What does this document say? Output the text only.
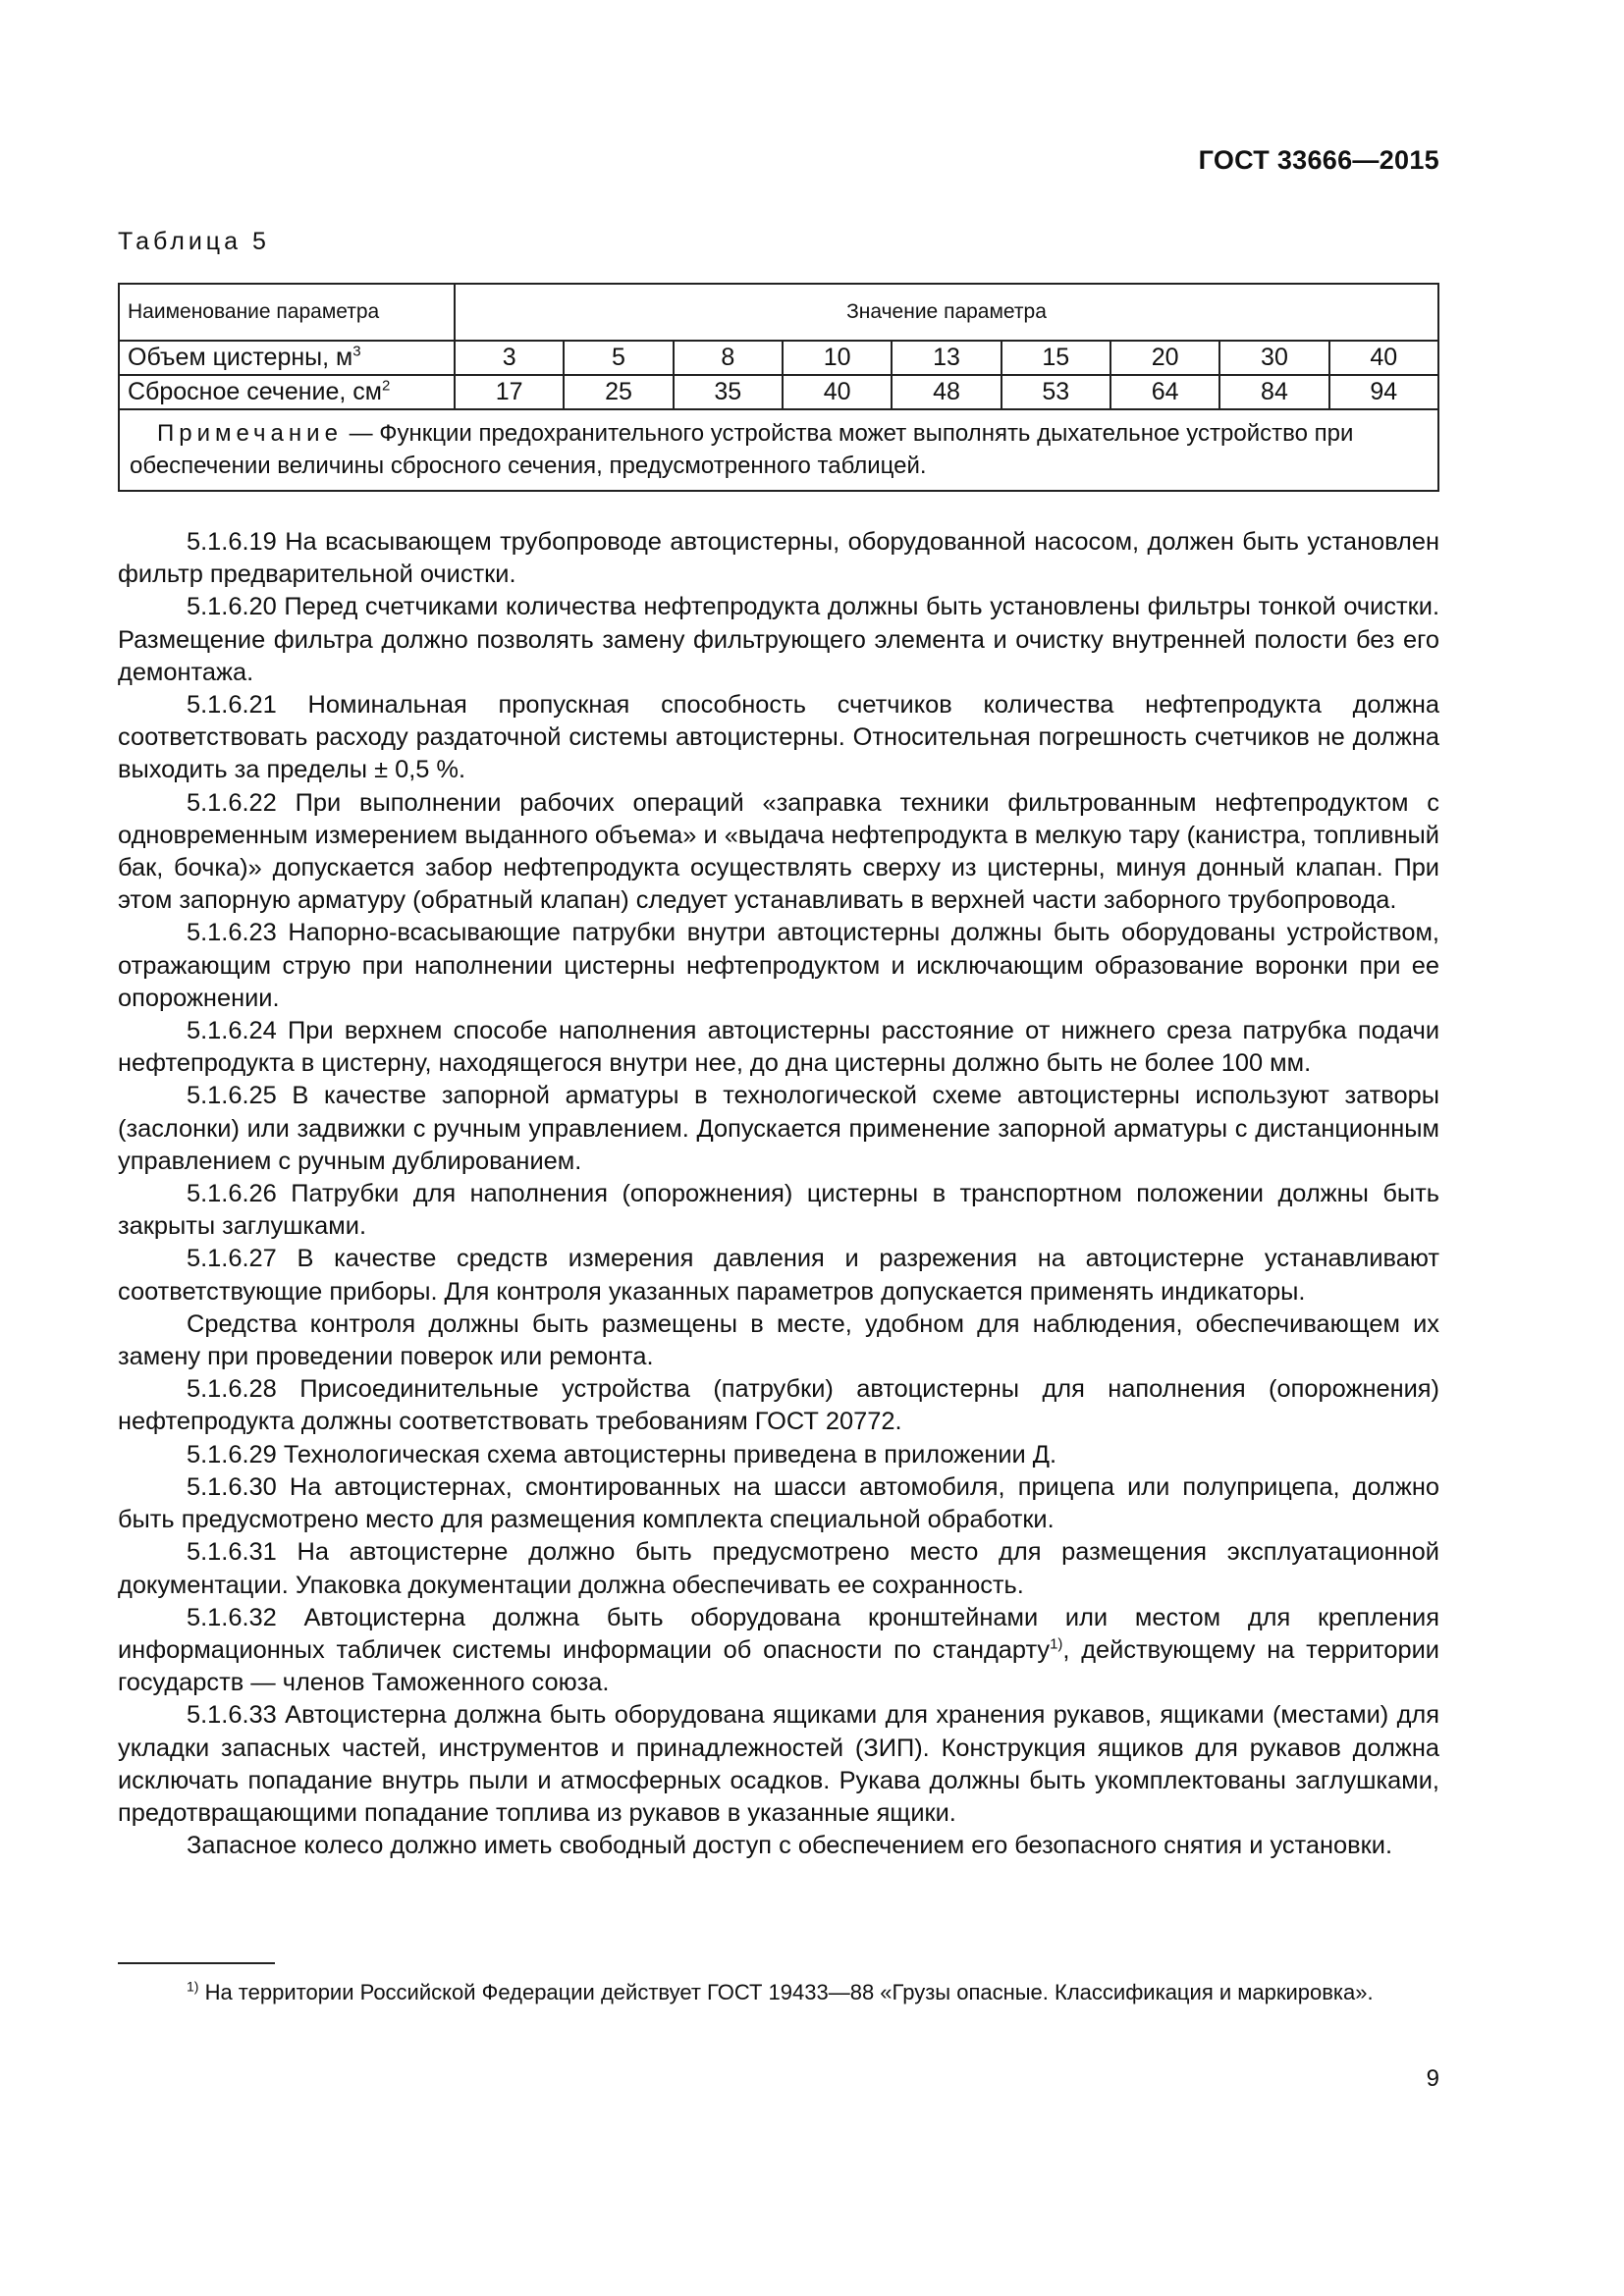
ГОСТ 33666—2015
Таблица 5
Наименование параметра	Значение параметра								
Объем цистерны, $м^3$	3	5	8	10	13	15	20	30	40
Сбросное сечение, $см^2$	17	25	35	40	48	53	64	84	94
Примечание — Функции предохранительного устройства может выполнять дыхательное устройство при обеспечении величины сбросного сечения, предусмотренного таблицей.									

5.1.6.19 На всасывающем трубопроводе автоцистерны, оборудованной насосом, должен быть установлен фильтр предварительной очистки.

5.1.6.20 Перед счетчиками количества нефтепродукта должны быть установлены фильтры тонкой очистки. Размещение фильтра должно позволять замену фильтрующего элемента и очистку внутренней полости без его демонтажа.

5.1.6.21 Номинальная пропускная способность счетчиков количества нефтепродукта должна соответствовать расходу раздаточной системы автоцистерны. Относительная погрешность счетчиков не должна выходить за пределы ± 0,5 %.

5.1.6.22 При выполнении рабочих операций «заправка техники фильтрованным нефтепродуктом с одновременным измерением выданного объема» и «выдача нефтепродукта в мелкую тару (канистра, топливный бак, бочка)» допускается забор нефтепродукта осуществлять сверху из цистерны, минуя донный клапан. При этом запорную арматуру (обратный клапан) следует устанавливать в верхней части заборного трубопровода.

5.1.6.23 Напорно-всасывающие патрубки внутри автоцистерны должны быть оборудованы устройством, отражающим струю при наполнении цистерны нефтепродуктом и исключающим образование воронки при ее опорожнении.

5.1.6.24 При верхнем способе наполнения автоцистерны расстояние от нижнего среза патрубка подачи нефтепродукта в цистерну, находящегося внутри нее, до дна цистерны должно быть не более 100 мм.

5.1.6.25 В качестве запорной арматуры в технологической схеме автоцистерны используют затворы (заслонки) или задвижки с ручным управлением. Допускается применение запорной арматуры с дистанционным управлением с ручным дублированием.

5.1.6.26 Патрубки для наполнения (опорожнения) цистерны в транспортном положении должны быть закрыты заглушками.

5.1.6.27 В качестве средств измерения давления и разрежения на автоцистерне устанавливают соответствующие приборы. Для контроля указанных параметров допускается применять индикаторы.

Средства контроля должны быть размещены в месте, удобном для наблюдения, обеспечивающем их замену при проведении поверок или ремонта.

5.1.6.28 Присоединительные устройства (патрубки) автоцистерны для наполнения (опорожнения) нефтепродукта должны соответствовать требованиям ГОСТ 20772.

5.1.6.29 Технологическая схема автоцистерны приведена в приложении Д.

5.1.6.30 На автоцистернах, смонтированных на шасси автомобиля, прицепа или полуприцепа, должно быть предусмотрено место для размещения комплекта специальной обработки.

5.1.6.31 На автоцистерне должно быть предусмотрено место для размещения эксплуатационной документации. Упаковка документации должна обеспечивать ее сохранность.

5.1.6.32 Автоцистерна должна быть оборудована кронштейнами или местом для крепления информационных табличек системы информации об опасности по стандарту$^{1)}$, действующему на территории государств — членов Таможенного союза.

5.1.6.33 Автоцистерна должна быть оборудована ящиками для хранения рукавов, ящиками (местами) для укладки запасных частей, инструментов и принадлежностей (ЗИП). Конструкция ящиков для рукавов должна исключать попадание внутрь пыли и атмосферных осадков. Рукава должны быть укомплектованы заглушками, предотвращающими попадание топлива из рукавов в указанные ящики.

Запасное колесо должно иметь свободный доступ с обеспечением его безопасного снятия и установки.

$^{1)}$ На территории Российской Федерации действует ГОСТ 19433—88 «Грузы опасные. Классификация и маркировка».
9
